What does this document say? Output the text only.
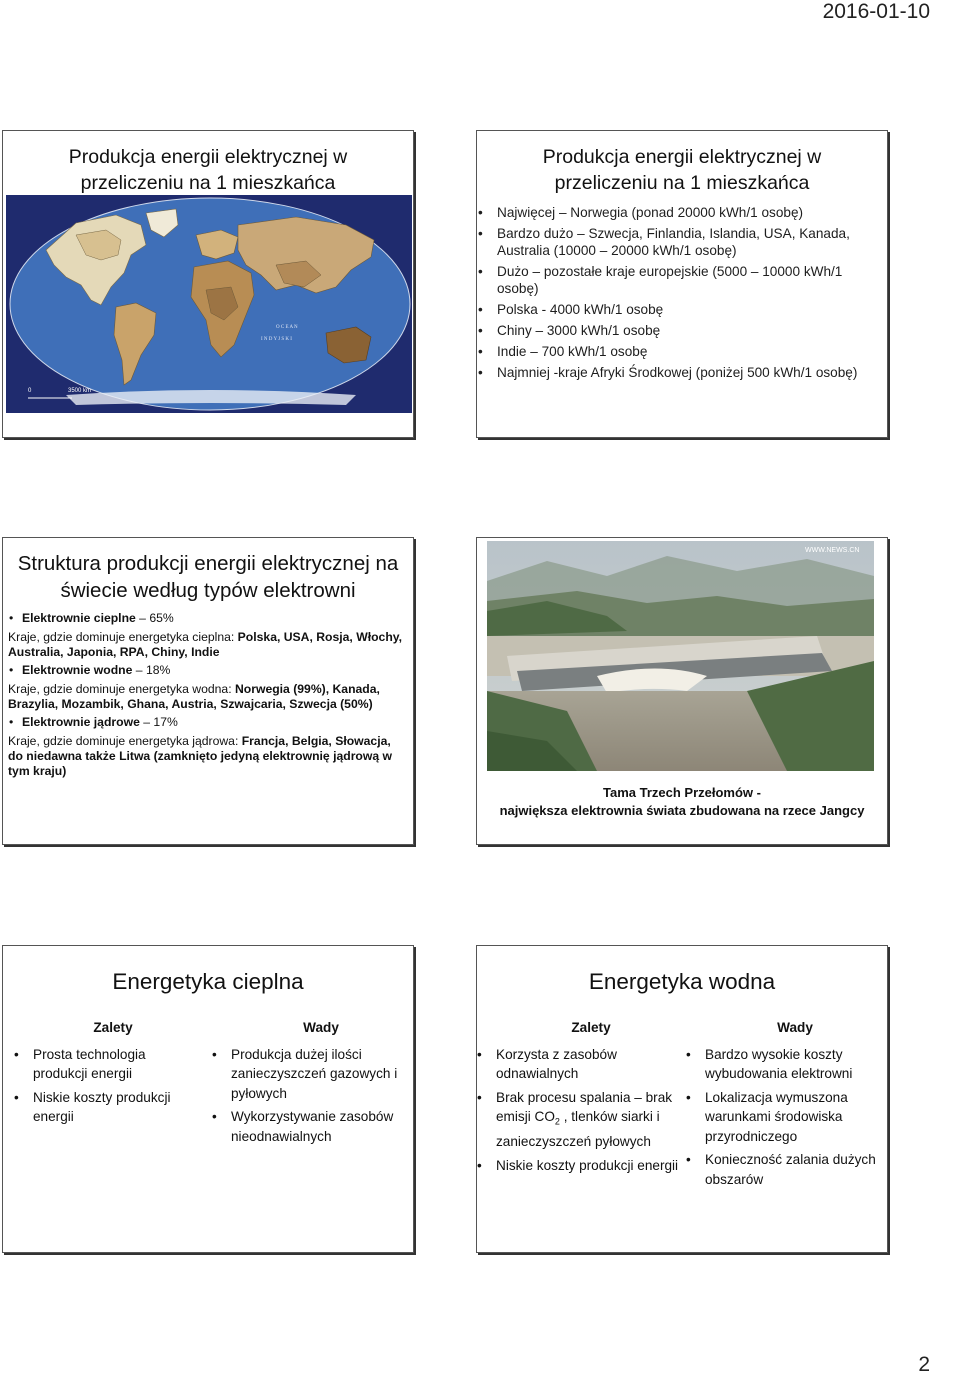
2016-01-10
Produkcja energii elektrycznej w
przeliczeniu na 1 mieszkańca
O C E A N
I N D Y J S K I
0	3500 km
Produkcja energii elektrycznej w
przeliczeniu na 1 mieszkańca
• Najwięcej – Norwegia (ponad 20000 kWh/1 osobę)
• Bardzo dużo – Szwecja, Finlandia, Islandia, USA, Kanada, Australia (10000 – 20000 kWh/1 osobę)
• Dużo – pozostałe kraje europejskie (5000 – 10000 kWh/1 osobę)
• Polska - 4000 kWh/1 osobę
• Chiny – 3000 kWh/1 osobę
• Indie – 700 kWh/1 osobę
• Najmniej -kraje Afryki Środkowej (poniżej 500 kWh/1 osobę)
Struktura produkcji energii elektrycznej na
świecie według typów elektrowni
• Elektrownie cieplne – 65%
Kraje, gdzie dominuje energetyka cieplna: Polska, USA, Rosja, Włochy, Australia, Japonia, RPA, Chiny, Indie
• Elektrownie wodne – 18%
Kraje, gdzie dominuje energetyka wodna: Norwegia (99%), Kanada, Brazylia, Mozambik, Ghana, Austria, Szwajcaria, Szwecja (50%)
• Elektrownie jądrowe – 17%
Kraje, gdzie dominuje energetyka jądrowa: Francja, Belgia, Słowacja, do niedawna także Litwa (zamknięto jedyną elektrownię jądrową w tym kraju)
WWW.NEWS.CN
Tama Trzech Przełomów -
największa elektrownia świata zbudowana na rzece Jangcy
Energetyka cieplna
Zalety
• Prosta technologia produkcji energii
• Niskie koszty produkcji energii
Wady
• Produkcja dużej ilości zanieczyszczeń gazowych i pyłowych
• Wykorzystywanie zasobów nieodnawialnych
Energetyka wodna
Zalety
• Korzysta z zasobów odnawialnych
• Brak procesu spalania – brak emisji $CO_2$ , tlenków siarki i zanieczyszczeń pyłowych
• Niskie koszty produkcji energii
Wady
• Bardzo wysokie koszty wybudowania elektrowni
• Lokalizacja wymuszona warunkami środowiska przyrodniczego
• Konieczność zalania dużych obszarów
2
